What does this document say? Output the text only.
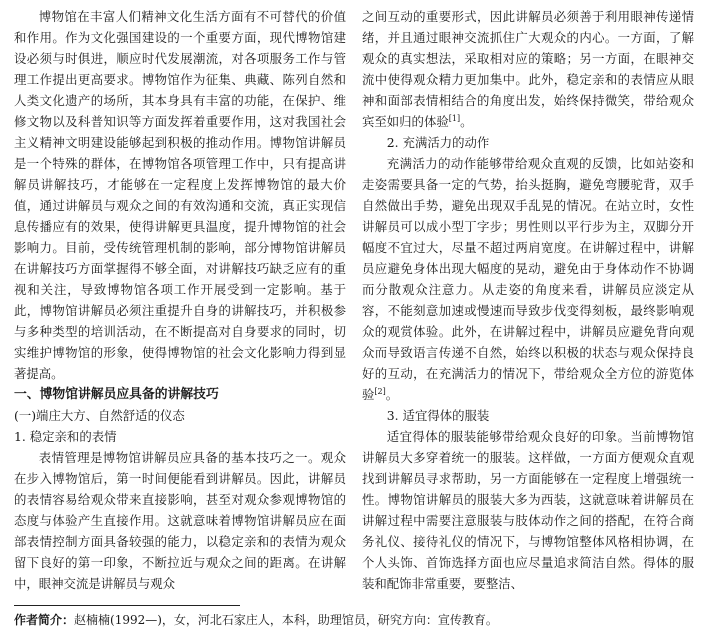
博物馆在丰富人们精神文化生活方面有不可替代的价值和作用。作为文化强国建设的一个重要方面，现代博物馆建设必须与时俱进，顺应时代发展潮流，对各项服务工作与管理工作提出更高要求。博物馆作为征集、典藏、陈列自然和人类文化遗产的场所，其本身具有丰富的功能，在保护、维修文物以及科普知识等方面发挥着重要作用，这对我国社会主义精神文明建设能够起到积极的推动作用。博物馆讲解员是一个特殊的群体，在博物馆各项管理工作中，只有提高讲解员讲解技巧，才能够在一定程度上发挥博物馆的最大价值，通过讲解员与观众之间的有效沟通和交流，真正实现信息传播应有的效果，使得讲解更具温度，提升博物馆的社会影响力。目前，受传统管理机制的影响，部分博物馆讲解员在讲解技巧方面掌握得不够全面，对讲解技巧缺乏应有的重视和关注，导致博物馆各项工作开展受到一定影响。基于此，博物馆讲解员必须注重提升自身的讲解技巧，并积极参与多种类型的培训活动，在不断提高对自身要求的同时，切实维护博物馆的形象，使得博物馆的社会文化影响力得到显著提高。

一、博物馆讲解员应具备的讲解技巧
(一)端庄大方、自然舒适的仪态
1. 稳定亲和的表情

表情管理是博物馆讲解员应具备的基本技巧之一。观众在步入博物馆后，第一时间便能看到讲解员。因此，讲解员的表情容易给观众带来直接影响，甚至对观众参观博物馆的态度与体验产生直接作用。这就意味着博物馆讲解员应在面部表情控制方面具备较强的能力，以稳定亲和的表情为观众留下良好的第一印象，不断拉近与观众之间的距离。在讲解中，眼神交流是讲解员与观众

之间互动的重要形式，因此讲解员必须善于利用眼神传递情绪，并且通过眼神交流抓住广大观众的内心。一方面，了解观众的真实想法，采取相对应的策略；另一方面，在眼神交流中使得观众精力更加集中。此外，稳定亲和的表情应从眼神和面部表情相结合的角度出发，始终保持微笑，带给观众宾至如归的体验[1]。

2. 充满活力的动作

充满活力的动作能够带给观众直观的反馈，比如站姿和走姿需要具备一定的气势，抬头挺胸，避免弯腰驼背，双手自然做出手势，避免出现双手乱晃的情况。在站立时，女性讲解员可以成小型丁字步；男性则以平行步为主，双脚分开幅度不宜过大，尽量不超过两肩宽度。在讲解过程中，讲解员应避免身体出现大幅度的晃动，避免由于身体动作不协调而分散观众注意力。从走姿的角度来看，讲解员应淡定从容，不能刻意加速或慢速而导致步伐变得刻板，最终影响观众的观赏体验。此外，在讲解过程中，讲解员应避免背向观众而导致语言传递不自然，始终以积极的状态与观众保持良好的互动，在充满活力的情况下，带给观众全方位的游览体验[2]。

3. 适宜得体的服装

适宜得体的服装能够带给观众良好的印象。当前博物馆讲解员大多穿着统一的服装。这样做，一方面方便观众直观找到讲解员寻求帮助，另一方面能够在一定程度上增强统一性。博物馆讲解员的服装大多为西装，这就意味着讲解员在讲解过程中需要注意服装与肢体动作之间的搭配，在符合商务礼仪、接待礼仪的情况下，与博物馆整体风格相协调，在个人头饰、首饰选择方面也应尽量追求简洁自然。得体的服装和配饰非常重要，要整洁、

作者简介：赵楠楠(1992—)，女，河北石家庄人，本科，助理馆员，研究方向：宣传教育。
